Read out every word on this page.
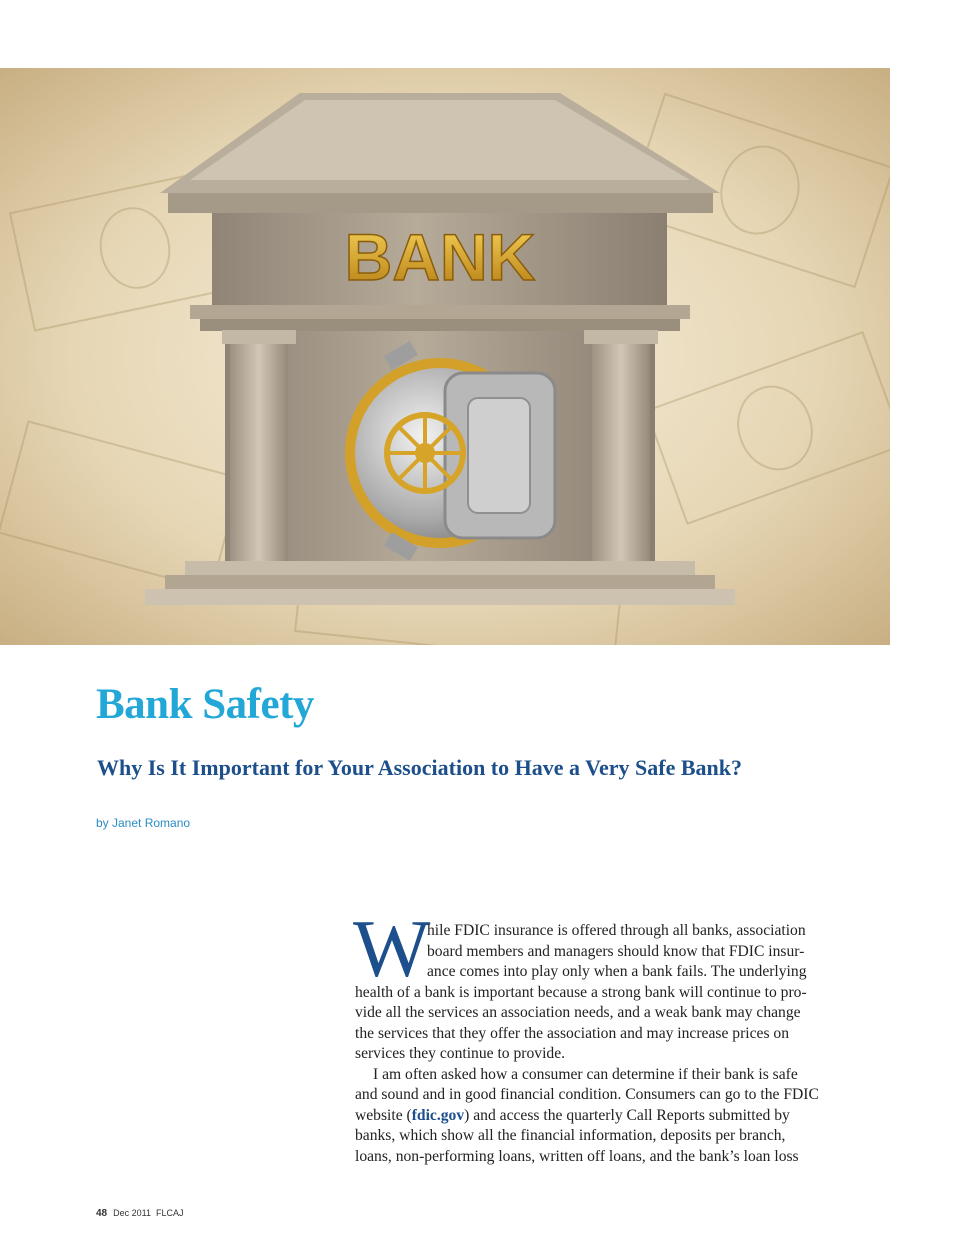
BANK
Bank Safety
Why Is It Important for Your Association to Have a Very Safe Bank?

by Janet Romano

W
hile FDIC insurance is offered through all banks, association
board members and managers should know that FDIC insur-
ance comes into play only when a bank fails. The underlying
health of a bank is important because a strong bank will continue to pro-
vide all the services an association needs, and a weak bank may change
the services that they offer the association and may increase prices on
services they continue to provide.
I am often asked how a consumer can determine if their bank is safe
and sound and in good financial condition. Consumers can go to the FDIC
website (fdic.gov) and access the quarterly Call Reports submitted by
banks, which show all the financial information, deposits per branch,
loans, non-performing loans, written off loans, and the bank’s loan loss
48 Dec 2011 FLCAJ
